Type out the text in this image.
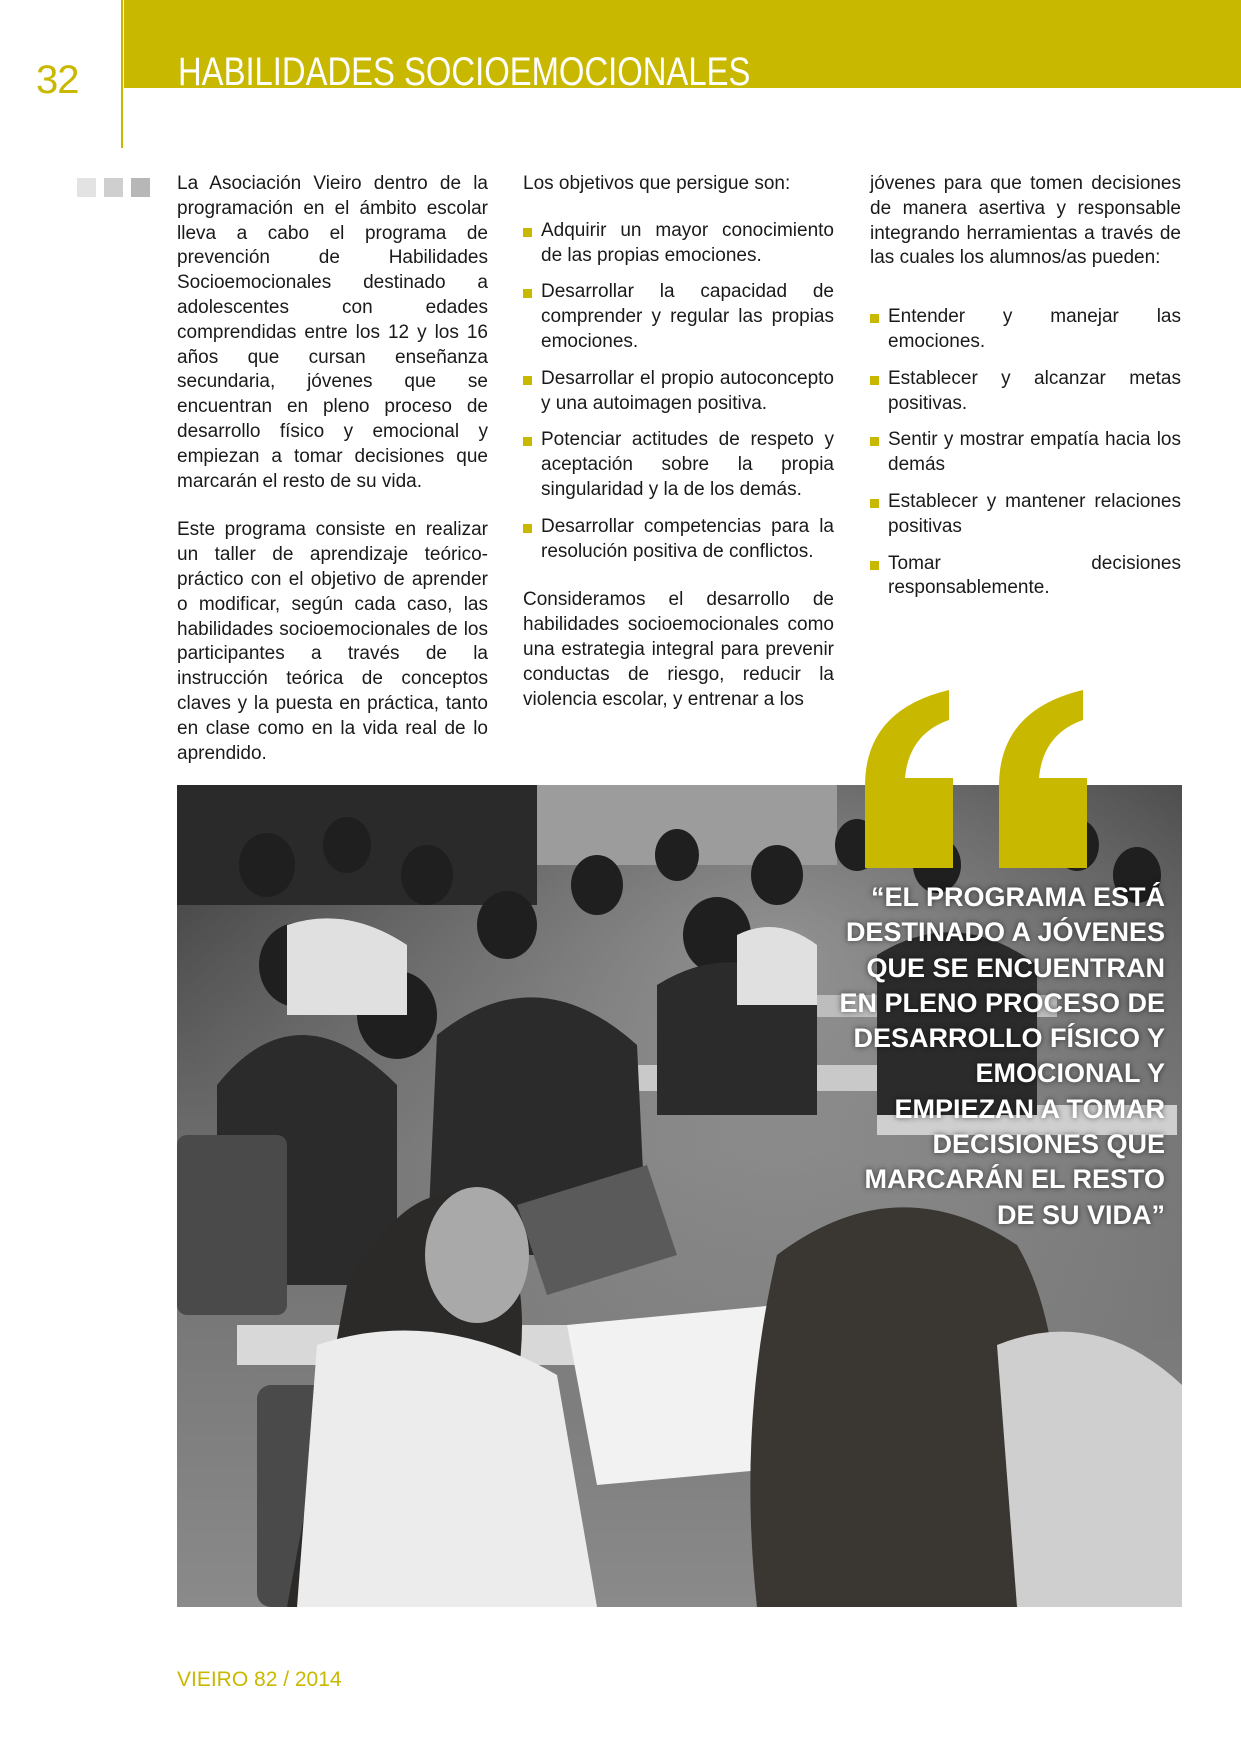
32 HABILIDADES SOCIOEMOCIONALES

La Asociación Vieiro dentro de la programación en el ámbito escolar lleva a cabo el programa de prevención de Habilidades Socioemocionales destinado a adolescentes con edades comprendidas entre los 12 y los 16 años que cursan enseñanza secundaria, jóvenes que se encuentran en pleno proceso de desarrollo físico y emocional y empiezan a tomar decisiones que marcarán el resto de su vida.

Este programa consiste en realizar un taller de aprendizaje teórico-práctico con el objetivo de aprender o modificar, según cada caso, las habilidades socioemocionales de los participantes a través de la instrucción teórica de conceptos claves y la puesta en práctica, tanto en clase como en la vida real de lo aprendido.

Los objetivos que persigue son:

Adquirir un mayor conocimiento de las propias emociones.
Desarrollar la capacidad de comprender y regular las propias emociones.
Desarrollar el propio autoconcepto y una autoimagen positiva.
Potenciar actitudes de respeto y aceptación sobre la propia singularidad y la de los demás.
Desarrollar competencias para la resolución positiva de conflictos.

Consideramos el desarrollo de habilidades socioemocionales como una estrategia integral para prevenir conductas de riesgo, reducir la violencia escolar, y entrenar a los

jóvenes para que tomen decisiones de manera asertiva y responsable integrando herramientas a través de las cuales los alumnos/as pueden:

Entender y manejar las emociones.
Establecer y alcanzar metas positivas.
Sentir y mostrar empatía hacia los demás
Establecer y mantener relaciones positivas
Tomar decisiones responsablemente.
“EL PROGRAMA ESTÁ DESTINADO A JÓVENES QUE SE ENCUENTRAN EN PLENO PROCESO DE DESARROLLO FÍSICO Y EMOCIONAL Y EMPIEZAN A TOMAR DECISIONES QUE MARCARÁN EL RESTO DE SU VIDA”
VIEIRO 82 / 2014
